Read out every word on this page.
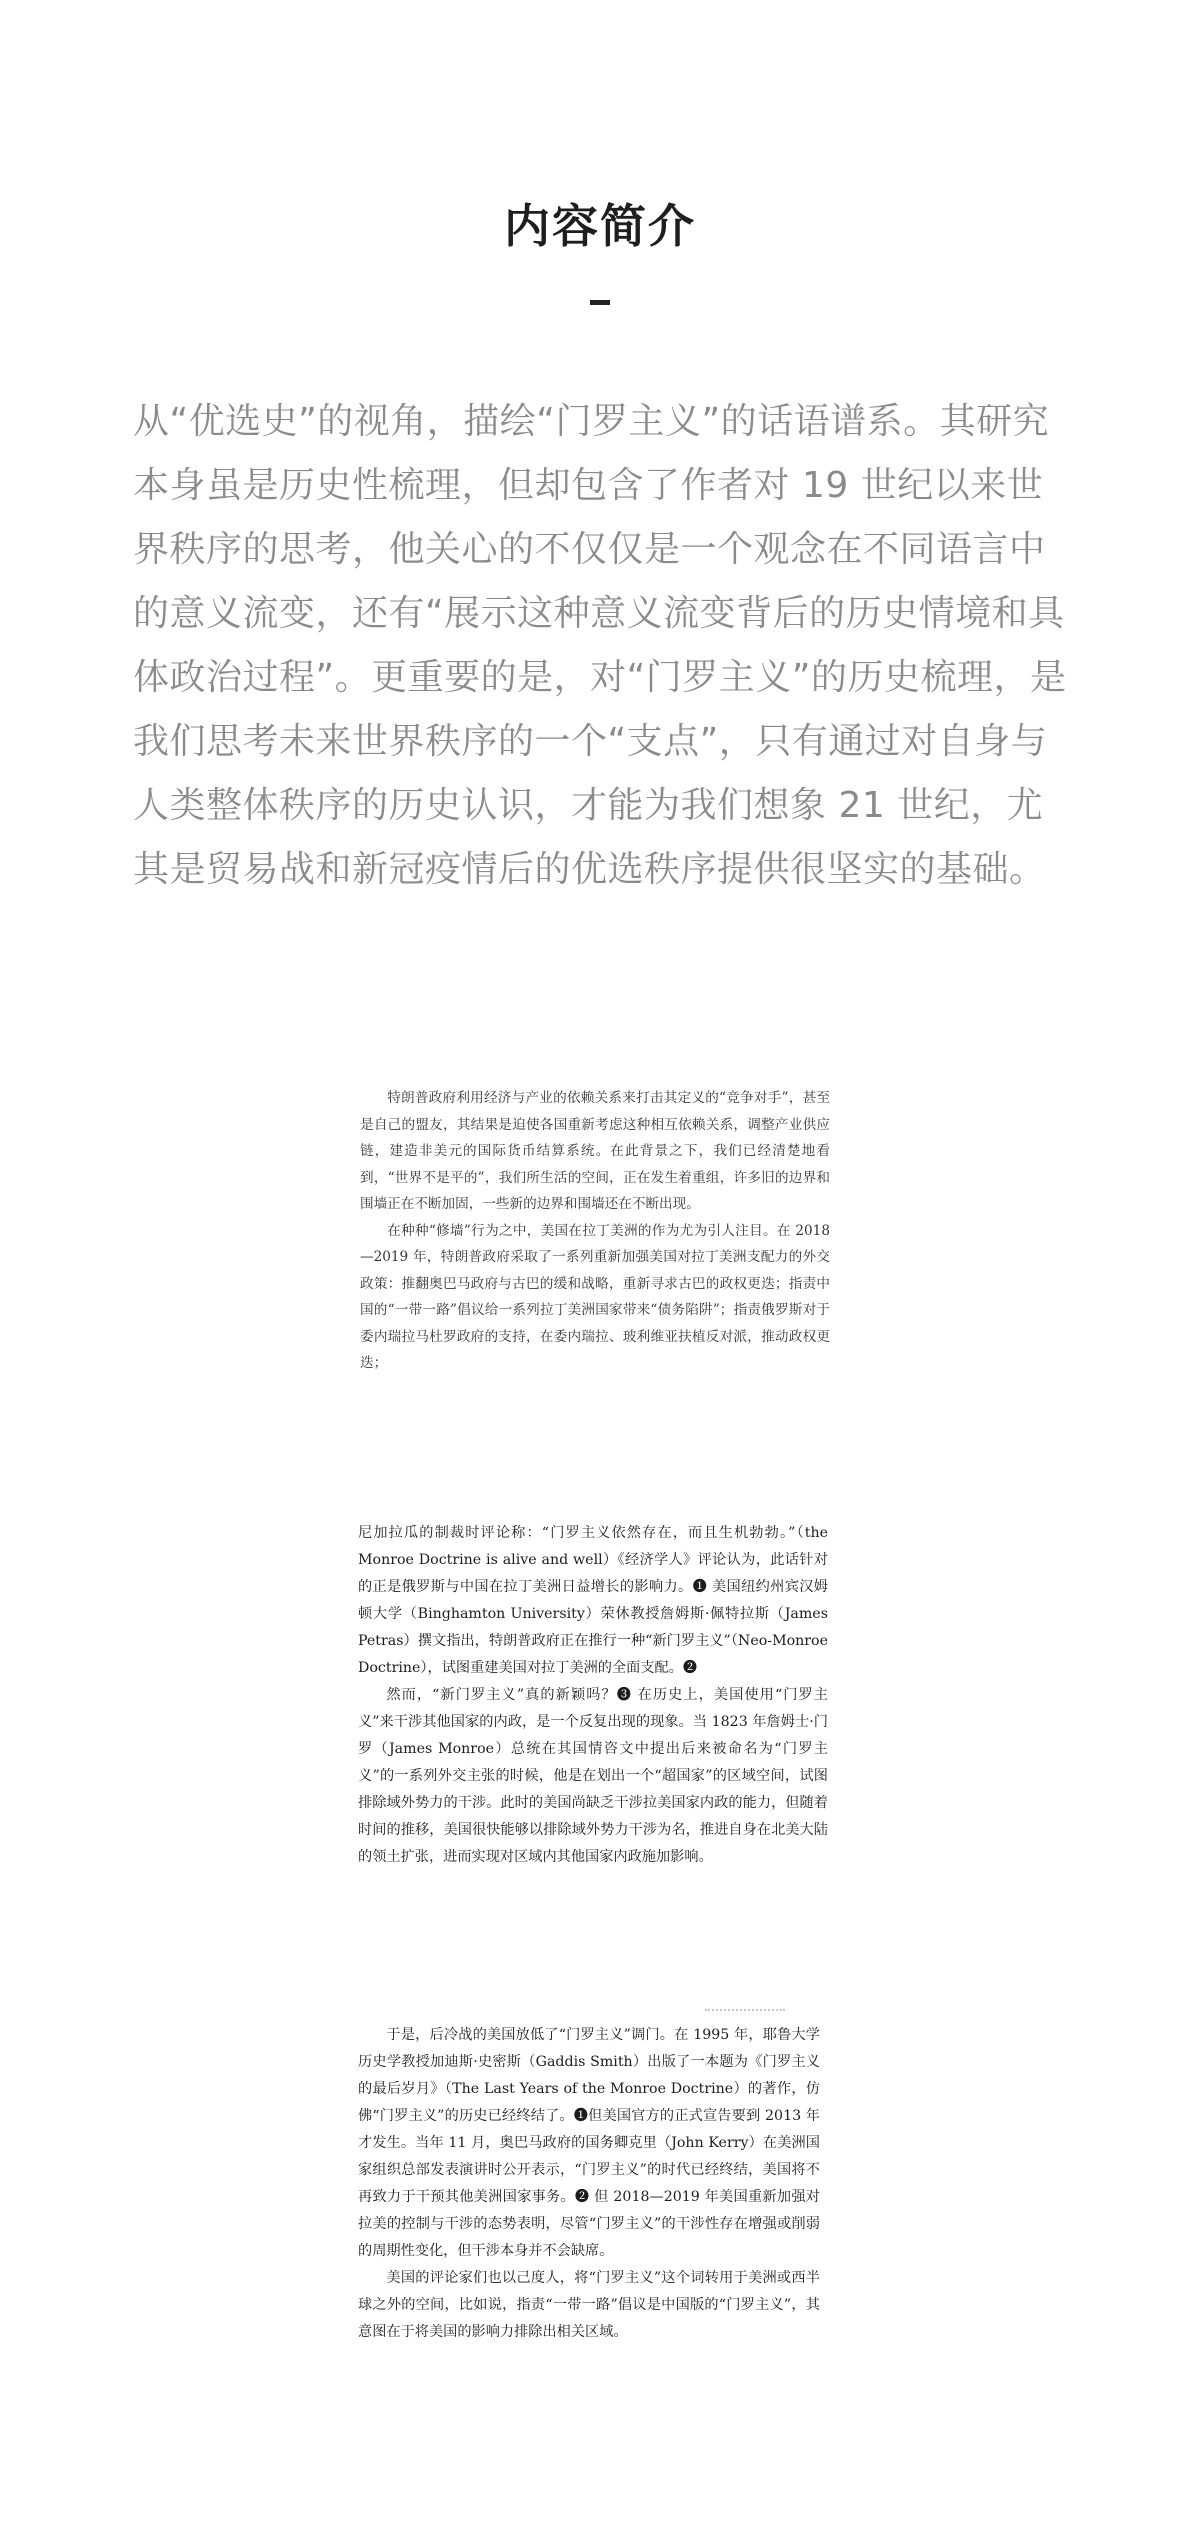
内容简介

从“优选史”的视角，描绘“门罗主义”的话语谱系。其研究本身虽是历史性梳理，但却包含了作者对 19 世纪以来世界秩序的思考，他关心的不仅仅是一个观念在不同语言中的意义流变，还有“展示这种意义流变背后的历史情境和具体政治过程”。更重要的是，对“门罗主义”的历史梳理，是我们思考未来世界秩序的一个“支点”，只有通过对自身与人类整体秩序的历史认识，才能为我们想象 21 世纪，尤其是贸易战和新冠疫情后的优选秩序提供很坚实的基础。

特朗普政府利用经济与产业的依赖关系来打击其定义的“竞争对手”，甚至是自己的盟友，其结果是迫使各国重新考虑这种相互依赖关系，调整产业供应链，建造非美元的国际货币结算系统。在此背景之下，我们已经清楚地看到，“世界不是平的”，我们所生活的空间，正在发生着重组，许多旧的边界和围墙正在不断加固，一些新的边界和围墙还在不断出现。

在种种“修墙”行为之中，美国在拉丁美洲的作为尤为引人注目。在 2018—2019 年，特朗普政府采取了一系列重新加强美国对拉丁美洲支配力的外交政策：推翻奥巴马政府与古巴的缓和战略，重新寻求古巴的政权更迭；指责中国的“一带一路”倡议给一系列拉丁美洲国家带来“债务陷阱”；指责俄罗斯对于委内瑞拉马杜罗政府的支持，在委内瑞拉、玻利维亚扶植反对派，推动政权更迭；

尼加拉瓜的制裁时评论称：“门罗主义依然存在，而且生机勃勃。”（the Monroe Doctrine is alive and well）《经济学人》评论认为，此话针对的正是俄罗斯与中国在拉丁美洲日益增长的影响力。❶ 美国纽约州宾汉姆顿大学（Binghamton University）荣休教授詹姆斯·佩特拉斯（James Petras）撰文指出，特朗普政府正在推行一种“新门罗主义”（Neo-Monroe Doctrine），试图重建美国对拉丁美洲的全面支配。❷

然而，“新门罗主义”真的新颖吗？❸ 在历史上，美国使用“门罗主义”来干涉其他国家的内政，是一个反复出现的现象。当 1823 年詹姆士·门罗（James Monroe）总统在其国情咨文中提出后来被命名为“门罗主义”的一系列外交主张的时候，他是在划出一个“超国家”的区域空间，试图排除域外势力的干涉。此时的美国尚缺乏干涉拉美国家内政的能力，但随着时间的推移，美国很快能够以排除域外势力干涉为名，推进自身在北美大陆的领土扩张，进而实现对区域内其他国家内政施加影响。

于是，后冷战的美国放低了“门罗主义”调门。在 1995 年，耶鲁大学历史学教授加迪斯·史密斯（Gaddis Smith）出版了一本题为《门罗主义的最后岁月》（The Last Years of the Monroe Doctrine）的著作，仿佛“门罗主义”的历史已经终结了。❶但美国官方的正式宣告要到 2013 年才发生。当年 11 月，奥巴马政府的国务卿克里（John Kerry）在美洲国家组织总部发表演讲时公开表示，“门罗主义”的时代已经终结，美国将不再致力于干预其他美洲国家事务。❷ 但 2018—2019 年美国重新加强对拉美的控制与干涉的态势表明，尽管“门罗主义”的干涉性存在增强或削弱的周期性变化，但干涉本身并不会缺席。

美国的评论家们也以己度人，将“门罗主义”这个词转用于美洲或西半球之外的空间，比如说，指责“一带一路”倡议是中国版的“门罗主义”，其意图在于将美国的影响力排除出相关区域。
